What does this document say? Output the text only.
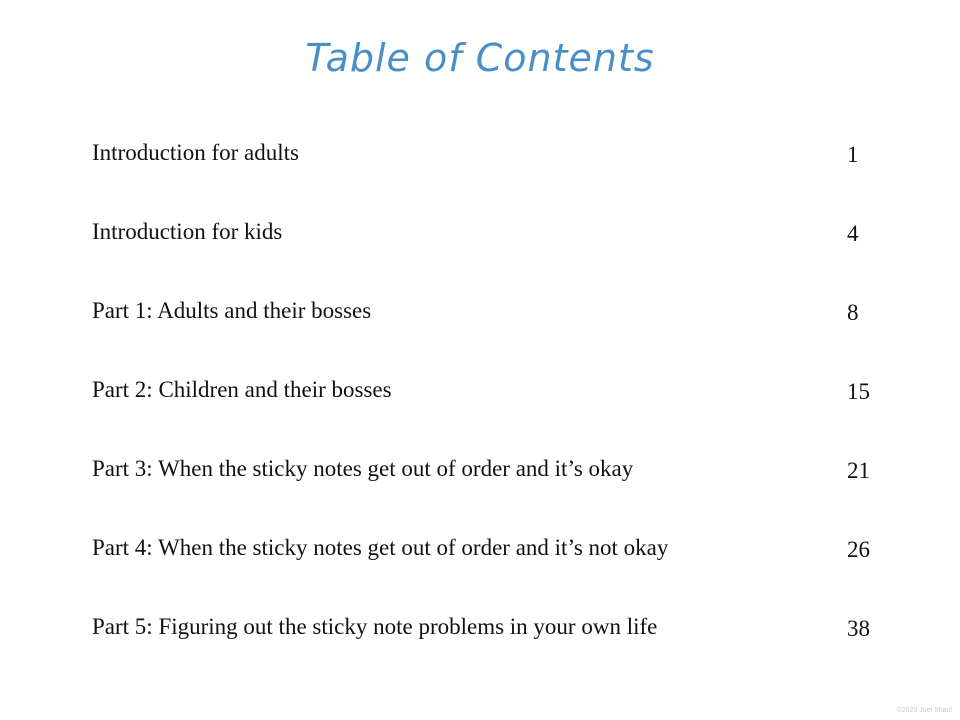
Table of Contents
Introduction for adults	1
Introduction for kids	4
Part 1: Adults and their bosses	8
Part 2: Children and their bosses	15
Part 3: When the sticky notes get out of order and it’s okay	21
Part 4: When the sticky notes get out of order and it’s not okay	26
Part 5: Figuring out the sticky note problems in your own life	38
©2020 Joel Shaul
